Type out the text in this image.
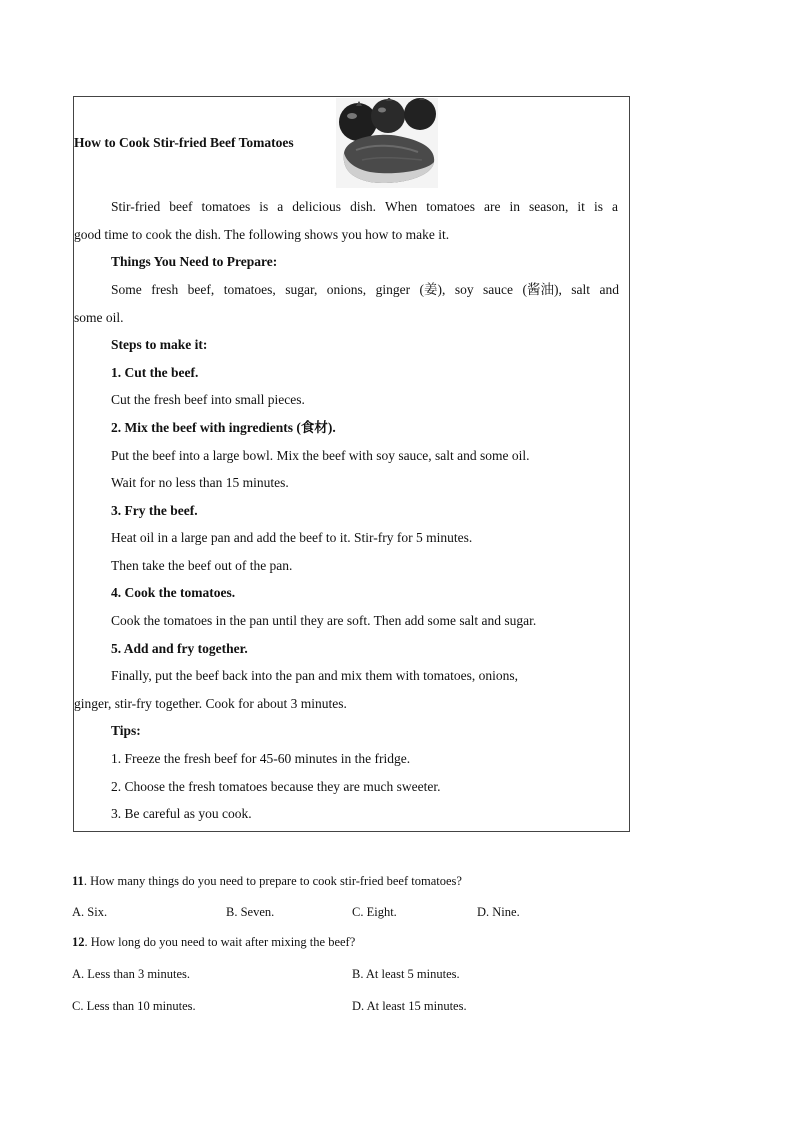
How to Cook Stir-fried Beef Tomatoes
Stir-fried beef tomatoes is a delicious dish. When tomatoes are in season, it is a
good time to cook the dish. The following shows you how to make it.
Things You Need to Prepare:
Some fresh beef, tomatoes, sugar, onions, ginger (姜), soy sauce (酱油), salt and
some oil.
Steps to make it:
1. Cut the beef.
Cut the fresh beef into small pieces.
2. Mix the beef with ingredients (食材).
Put the beef into a large bowl. Mix the beef with soy sauce, salt and some oil.
Wait for no less than 15 minutes.
3. Fry the beef.
Heat oil in a large pan and add the beef to it. Stir-fry for 5 minutes.
Then take the beef out of the pan.
4. Cook the tomatoes.
Cook the tomatoes in the pan until they are soft. Then add some salt and sugar.
5. Add and fry together.
Finally, put the beef back into the pan and mix them with tomatoes, onions,
ginger, stir-fry together. Cook for about 3 minutes.
Tips:
1. Freeze the fresh beef for 45-60 minutes in the fridge.
2. Choose the fresh tomatoes because they are much sweeter.
3. Be careful as you cook.
11. How many things do you need to prepare to cook stir-fried beef tomatoes?
A. Six.	B. Seven.	C. Eight.	D. Nine.
12. How long do you need to wait after mixing the beef?
A. Less than 3 minutes.	B. At least 5 minutes.
C. Less than 10 minutes.	D. At least 15 minutes.
